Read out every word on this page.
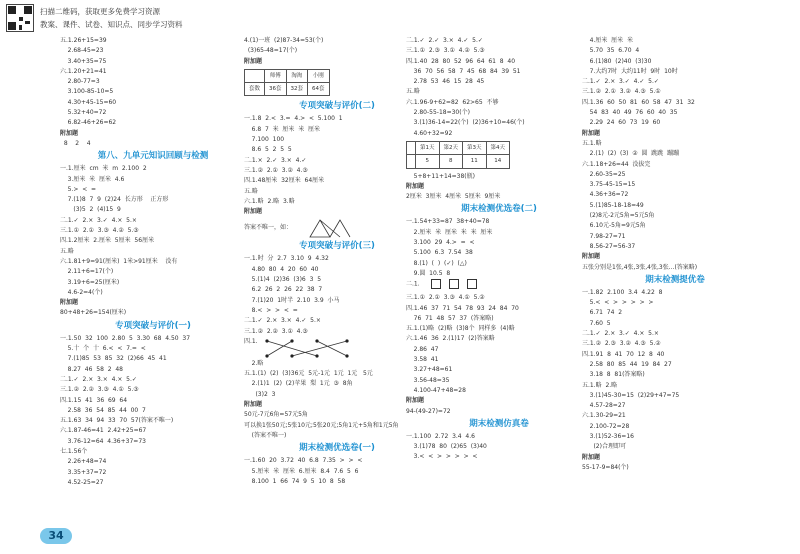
扫描二维码，获取更多免费学习资源
教案、课件、试卷、知识点、同步学习资料
五.1.26+15=39
2.68-45=23
3.40+35=75
六.1.20+21=41
2.80-77=3
3.100-85-10=5
4.30+45-15=60
5.32+40=72
6.82-46+26=62
附加题
8    2    4
第八、九单元知识回顾与检测
一.1.厘米  cm  米  m  2.100  2
3.厘米  米  厘米  4.6
5.>  <  =
7.(1)8  7  9  (2)24  长方形    正方形
(3)5  2  (4)15  9
二.1.✓  2.×  3.✓  4.×  5.×
三.1.①  2.①  3.③  4.②  5.③
四.1.2厘米  2.厘米  5厘米  56厘米
五.略
六.1.81+9=91(厘米)  1米>91厘米    没有
2.11+6=17(个)
3.19+6=25(厘米)
4.6-2=4(个)
附加题
80+48+26=154(厘米)
专项突破与评价(一)
一.1.50  32  100  2.80  5  3.30  68  4.50  37
5.十  个  十  6.<  <  7.=  <
7.(1)85  53  85  32  (2)66  45  41
8.27  46  58  2  48
二.1.✓  2.×  3.×  4.×  5.✓
三.1.②  2.②  3.③  4.①  5.③
四.1.15  41  36  69  64
2.58  36  54  85  44  00  7
五.1.63  34  94  33  70  57(答案不唯一)
六.1.87-46=41  2.42+25=67
3.76-12=64  4.36+37=73
七.1.56个
2.26+48=74
3.35+37=72
4.52-25=27
4.(1)一班  (2)87-34=53(个)
(3)65-48=17(个)
附加题
	师傅	淘淘	小刚
套数	36套	32套	64套
专项突破与评价(二)
一.1.8  2.<  3.=  4.>  <  5.100  1
6.8  7  米  厘米  米  厘米
7.100  100
8.6  5  2  5  5
二.1.×  2.✓  3.×  4.✓
三.1.②  2.①  3.②  4.③
四.1.48厘米  32厘米  64厘米
五.略
六.1.略  2.略  3.略
附加题
答案不唯一，如：
专项突破与评价(三)
一.1.时  分  2.7  3.10  9  4.32
4.80  80  4  20  60  40
5.(1)4  (2)36  (3)6  3  5
6.2  26  2  26  22  38  7
7.(1)20  1时半  2.10  3.9  小马
8.<  >  >  <  =
二.1.✓  2.×  3.×  4.✓  5.×
三.1.②  2.②  3.①  4.③
四.1.
2.略
五.1.(1)  (2)  (3)36元  5元-1元  1元  1元   5元
2.(1)1  (2)  (2)苹果  梨  1元  ③  8角
(3)2  3
附加题
50元-7元6角=57元5角
可以换1张50元;5张10元;5张20元;5角1元+5角和1元5角
(答案不唯一)
期末检测优选卷(一)
一.1.60  20  3.72  40  6.8  7.35  >  >  <
5.厘米  米  厘米  6.厘米  8.4  7.6  5  6
8.100  1  66  74  9  5  10  8  58
二.1.✓  2.✓  3.×  4.✓  5.✓
三.1.①  2.③  3.①  4.②  5.③
四.1.40  28  80  52  96  64  61  8  40
36  70  56  58  7  45  68  84  39  51
2.78  53  46  15  28  45
五.略
六.1.96-9+62=82  62>65  不够
2.80-55-18=30(个)
3.(1)36-14=22(个)  (2)36+10=46(个)
4.60+32=92
	第1天	第2天	第3天	第4天
	5	8	11	14
5+8+11+14=38(瓶)
附加题
2厘米  3厘米  4厘米  5厘米  9厘米
期末检测优选卷(二)
一.1.54+33=87  38+40=78
2.厘米  米  厘米  米  米  厘米
3.100  29  4.>  =  <
5.100  6.3  7.54  38
8.(1)  (  )  (✓)  (△)
9.圆  10.5  8
二.1.
三.1.①  2.①  3.③  4.①  5.②
四.1.46  37  71  54  78  93  24  84  70
76  71  48  57  37  (答案略)
五.1.(1)略  (2)略  (3)8个  同样多  (4)略
六.1.46  36  2.(1)17  (2)答案略
2.86  47
3.58  41
3.27+48=61
3.56-48=35
4.100-47+48=28
附加题
94-(49-27)=72
期末检测仿真卷
一.1.100  2.72  3.4  4.6
3.(1)78  80  (2)65  (3)40
3.<  <  >  >  >  >  <
4.厘米  厘米  米
5.70  35  6.70  4
6.(1)80  (2)40  (3)30
7.大约7时  大约11时  9时  10时
二.1.✓  2.×  3.✓  4.✓  5.✓
三.1.②  2.①  3.②  4.③  5.①
四.1.36  60  50  81  60  58  47  31  32
54  83  40  49  76  60  40  35
2.29  24  60  73  19  60
附加题
五.1.略
2.(1)  (2)  (3)  ②  圆  跳跳  蹦蹦
六.1.18+26=44  没拔完
2.60-35=25
3.75-45-15=15
4.36+36=72
5.(1)85-18-18=49
(2)8元-2元5角=5元5角
6.10元-5角=9元5角
7.98-27=71
8.56-27=56-37
附加题
五张分别是1张,4张,3张,4张,3张...(答案略)
期末检测提优卷
一.1.82  2.100  3.4  4.22  8
5.<  <  >  >  >  >  >
6.71  74  2
7.60  5
二.1.✓  2.×  3.✓  4.×  5.×
三.1.②  2.③  3.②  4.③  5.②
四.1.91  8  41  70  12  8  40
2.58  80  85  44  19  84  27
3.18  8  81(答案略)
五.1.略  2.略
3.(1)45-30=15  (2)29+47=75
4.57-28=27
六.1.30-29=21
2.100-72=28
3.(1)52-36=16
(2)合理即可
附加题
55-17-9=84(个)
34
